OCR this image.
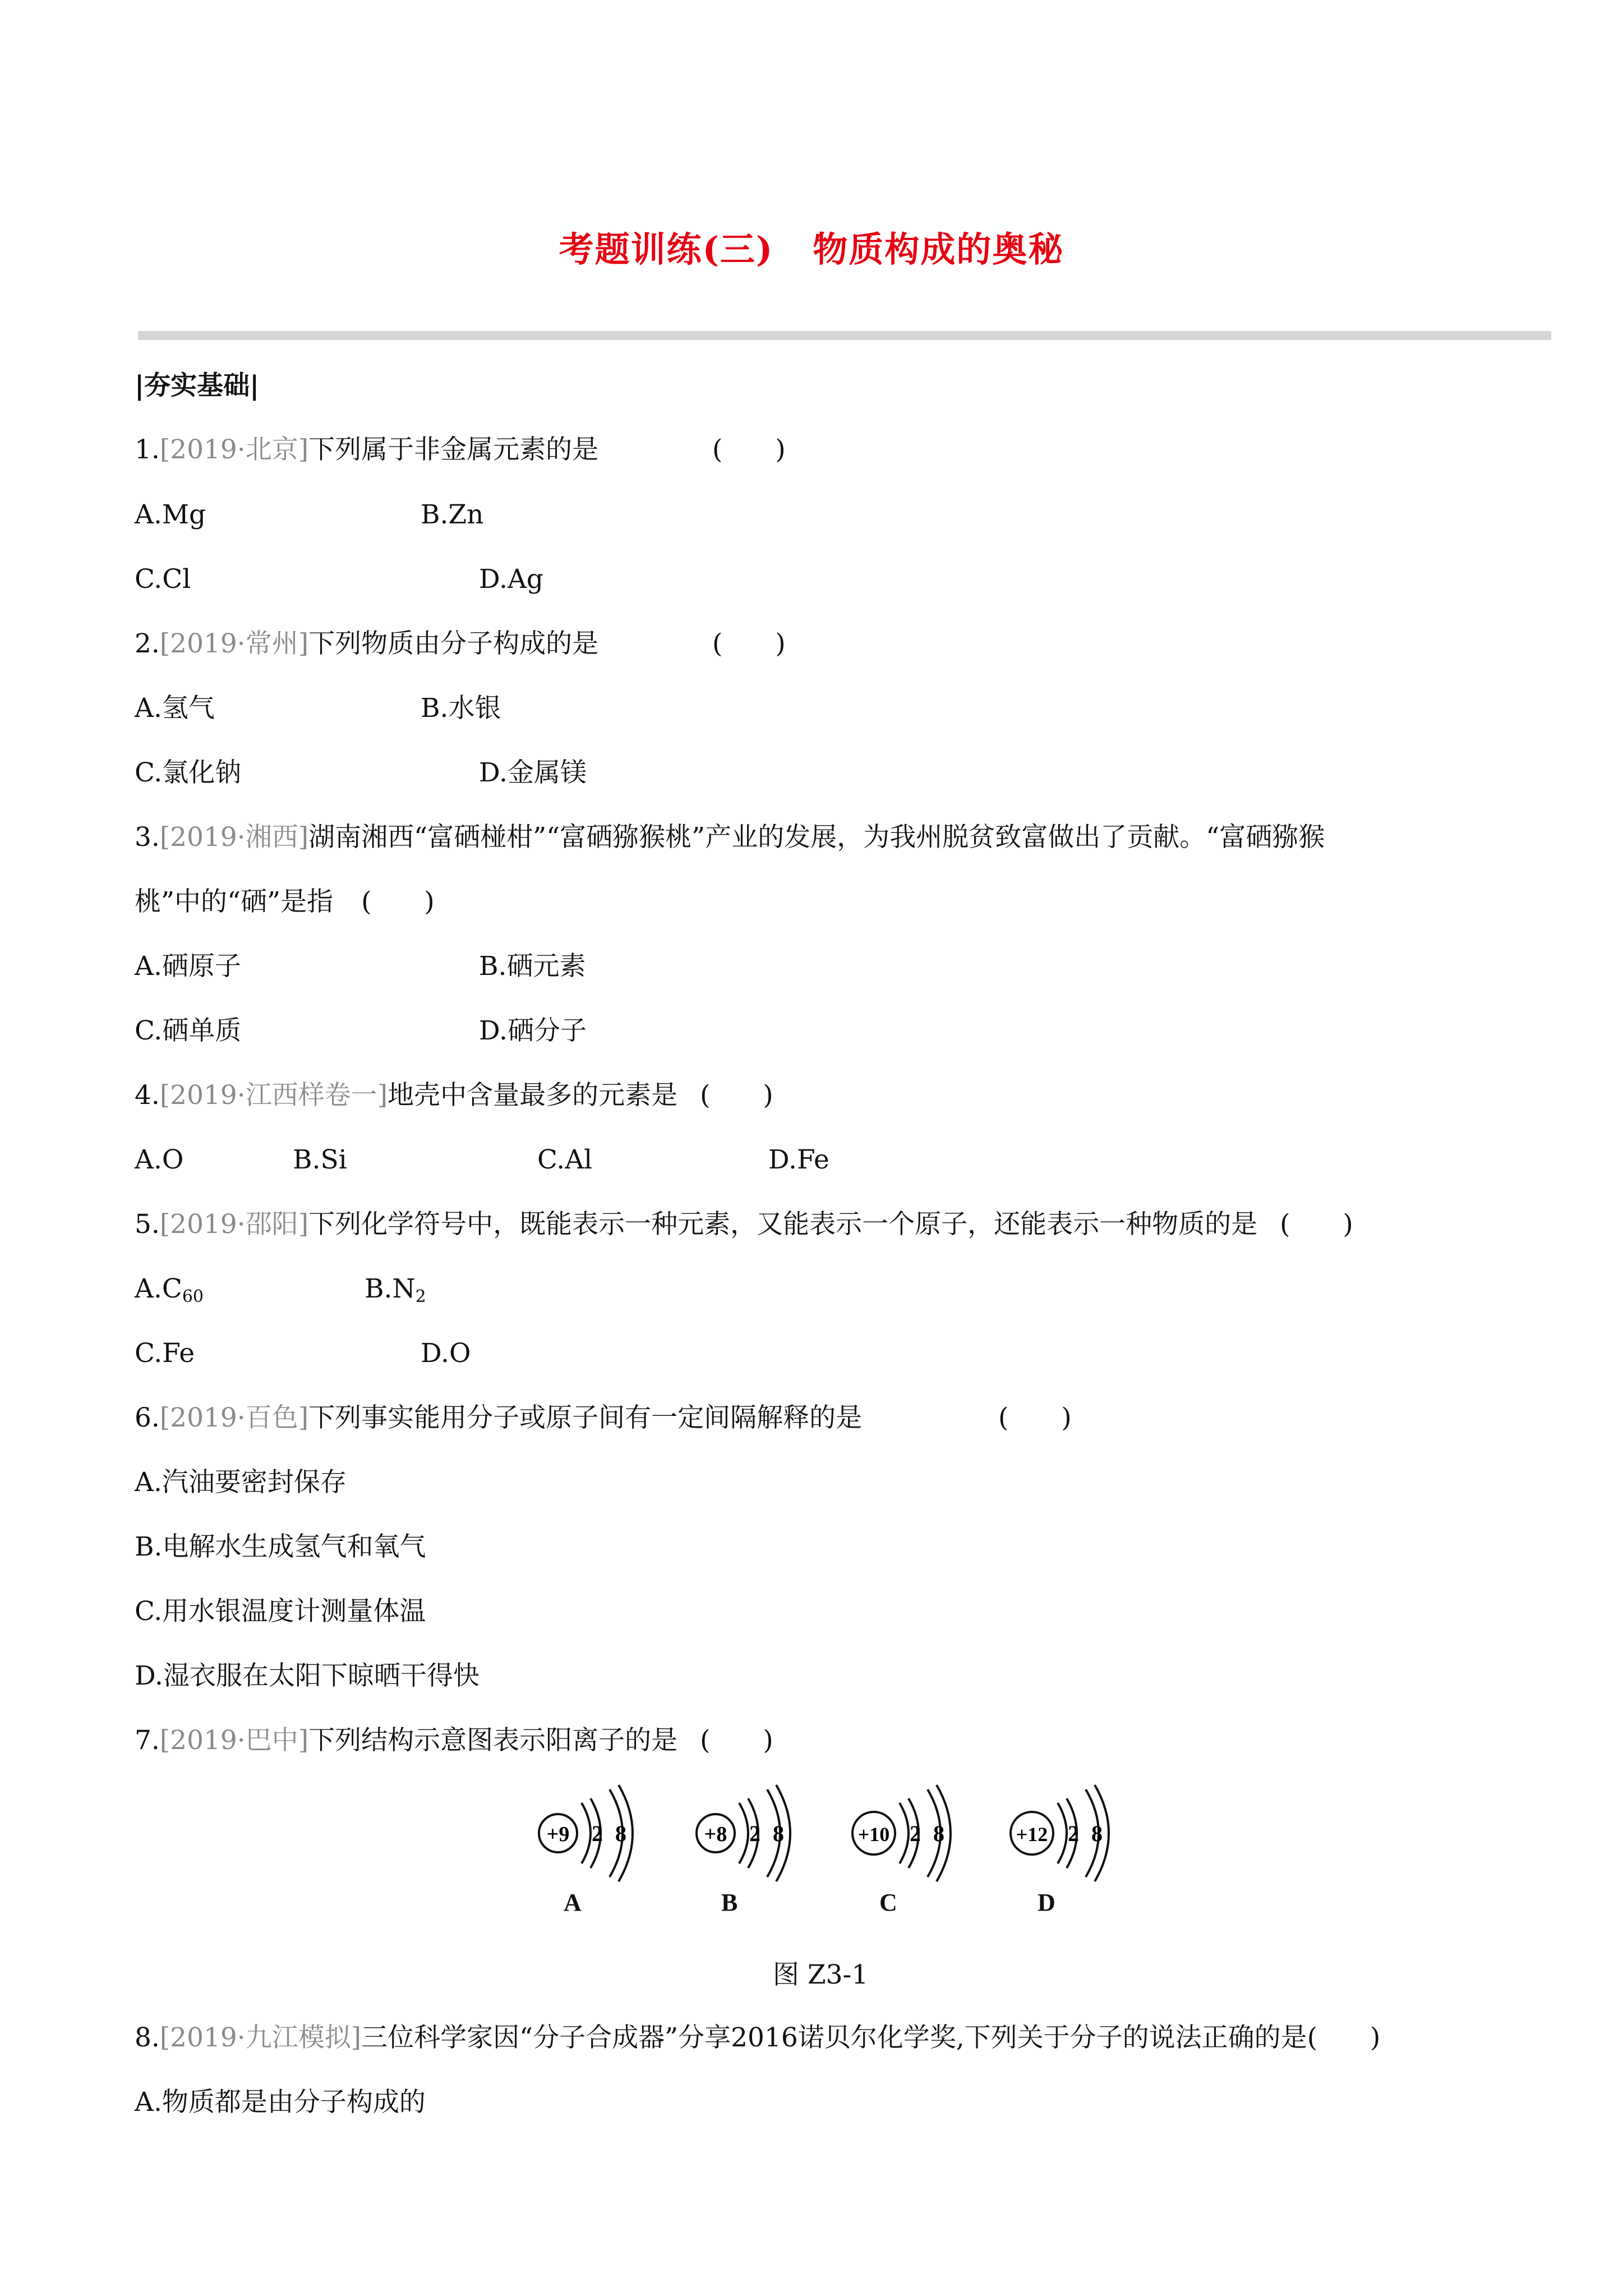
考题训练(三) 物质构成的奥秘
|夯实基础|
1.[2019·北京]下列属于非金属元素的是	(　　)
A.Mg	B.Zn
C.Cl	D.Ag
2.[2019·常州]下列物质由分子构成的是	(　　)
A.氢气	B.水银
C.氯化钠	D.金属镁
3.[2019·湘西]湖南湘西“富硒椪柑”“富硒猕猴桃”产业的发展，为我州脱贫致富做出了贡献。“富硒猕猴
桃”中的“硒”是指 (　　)
A.硒原子	B.硒元素
C.硒单质	D.硒分子
4.[2019·江西样卷一]地壳中含量最多的元素是 (　　)
A.O	B.Si	C.Al	D.Fe
5.[2019·邵阳]下列化学符号中，既能表示一种元素，又能表示一个原子，还能表示一种物质的是 (　　)
$A.C_{60}$	$B.N_2$
C.Fe	D.O
6.[2019·百色]下列事实能用分子或原子间有一定间隔解释的是	(　　)
A.汽油要密封保存
B.电解水生成氢气和氧气
C.用水银温度计测量体温
D.湿衣服在太阳下晾晒干得快
7.[2019·巴中]下列结构示意图表示阳离子的是 (　　)
+9 2 8	+8 2 8	+10 2 8	+12 2 8
A	B	C	D
图 Z3-1
8.[2019·九江模拟]三位科学家因“分子合成器”分享2016诺贝尔化学奖,下列关于分子的说法正确的是(　　)
A.物质都是由分子构成的
